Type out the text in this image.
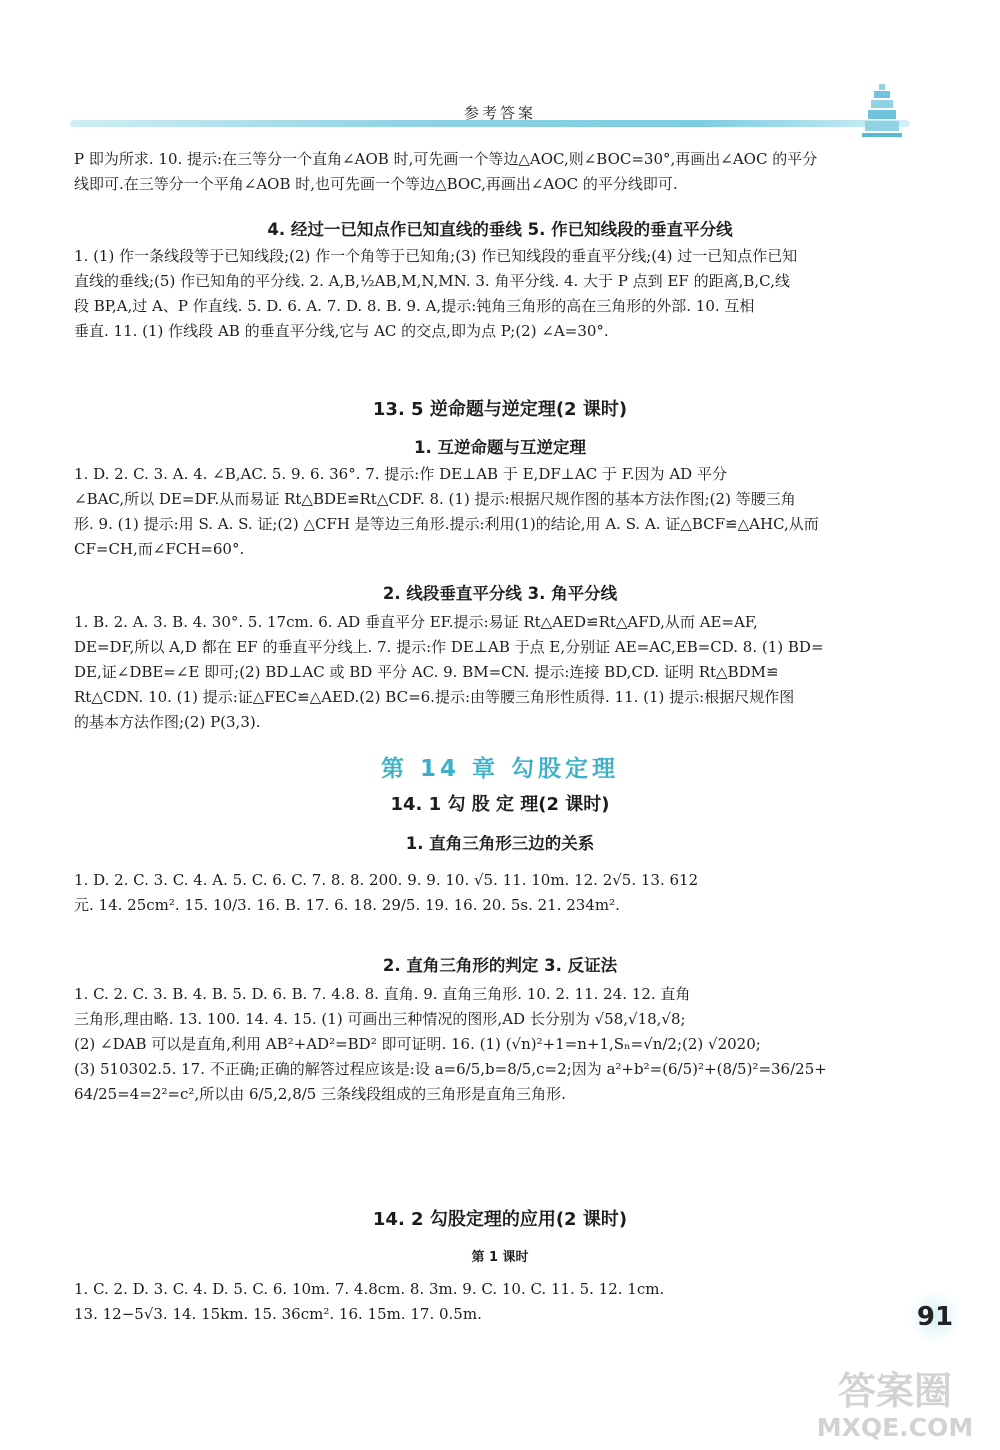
参考答案
P 即为所求. 10. 提示:在三等分一个直角∠AOB 时,可先画一个等边△AOC,则∠BOC=30°,再画出∠AOC 的平分
线即可.在三等分一个平角∠AOB 时,也可先画一个等边△BOC,再画出∠AOC 的平分线即可.
4. 经过一已知点作已知直线的垂线 5. 作已知线段的垂直平分线
1. (1) 作一条线段等于已知线段;(2) 作一个角等于已知角;(3) 作已知线段的垂直平分线;(4) 过一已知点作已知
直线的垂线;(5) 作已知角的平分线. 2. A,B,½AB,M,N,MN. 3. 角平分线. 4. 大于 P 点到 EF 的距离,B,C,线
段 BP,A,过 A、P 作直线. 5. D. 6. A. 7. D. 8. B. 9. A,提示:钝角三角形的高在三角形的外部. 10. 互相
垂直. 11. (1) 作线段 AB 的垂直平分线,它与 AC 的交点,即为点 P;(2) ∠A=30°.
13. 5 逆命题与逆定理(2 课时)
1. 互逆命题与互逆定理
1. D. 2. C. 3. A. 4. ∠B,AC. 5. 9. 6. 36°. 7. 提示:作 DE⊥AB 于 E,DF⊥AC 于 F.因为 AD 平分
∠BAC,所以 DE=DF.从而易证 Rt△BDE≌Rt△CDF. 8. (1) 提示:根据尺规作图的基本方法作图;(2) 等腰三角
形. 9. (1) 提示:用 S. A. S. 证;(2) △CFH 是等边三角形.提示:利用(1)的结论,用 A. S. A. 证△BCF≌△AHC,从而
CF=CH,而∠FCH=60°.
2. 线段垂直平分线 3. 角平分线
1. B. 2. A. 3. B. 4. 30°. 5. 17cm. 6. AD 垂直平分 EF.提示:易证 Rt△AED≌Rt△AFD,从而 AE=AF,
DE=DF,所以 A,D 都在 EF 的垂直平分线上. 7. 提示:作 DE⊥AB 于点 E,分别证 AE=AC,EB=CD. 8. (1) BD=
DE,证∠DBE=∠E 即可;(2) BD⊥AC 或 BD 平分 AC. 9. BM=CN. 提示:连接 BD,CD. 证明 Rt△BDM≌
Rt△CDN. 10. (1) 提示:证△FEC≌△AED.(2) BC=6.提示:由等腰三角形性质得. 11. (1) 提示:根据尺规作图
的基本方法作图;(2) P(3,3).
第 14 章 勾股定理
14. 1 勾 股 定 理(2 课时)
1. 直角三角形三边的关系
1. D. 2. C. 3. C. 4. A. 5. C. 6. C. 7. 8. 8. 200. 9. 9. 10. √5. 11. 10m. 12. 2√5. 13. 612
元. 14. 25cm². 15. 10/3. 16. B. 17. 6. 18. 29/5. 19. 16. 20. 5s. 21. 234m².
2. 直角三角形的判定 3. 反证法
1. C. 2. C. 3. B. 4. B. 5. D. 6. B. 7. 4.8. 8. 直角. 9. 直角三角形. 10. 2. 11. 24. 12. 直角
三角形,理由略. 13. 100. 14. 4. 15. (1) 可画出三种情况的图形,AD 长分别为 √58,√18,√8;
(2) ∠DAB 可以是直角,利用 AB²+AD²=BD² 即可证明. 16. (1) (√n)²+1=n+1,Sₙ=√n/2;(2) √2020;
(3) 510302.5. 17. 不正确;正确的解答过程应该是:设 a=6/5,b=8/5,c=2;因为 a²+b²=(6/5)²+(8/5)²=36/25+
64/25=4=2²=c²,所以由 6/5,2,8/5 三条线段组成的三角形是直角三角形.
14. 2 勾股定理的应用(2 课时)
第 1 课时
1. C. 2. D. 3. C. 4. D. 5. C. 6. 10m. 7. 4.8cm. 8. 3m. 9. C. 10. C. 11. 5. 12. 1cm.
13. 12−5√3. 14. 15km. 15. 36cm². 16. 15m. 17. 0.5m.	91
答案圈
MXQE.COM
